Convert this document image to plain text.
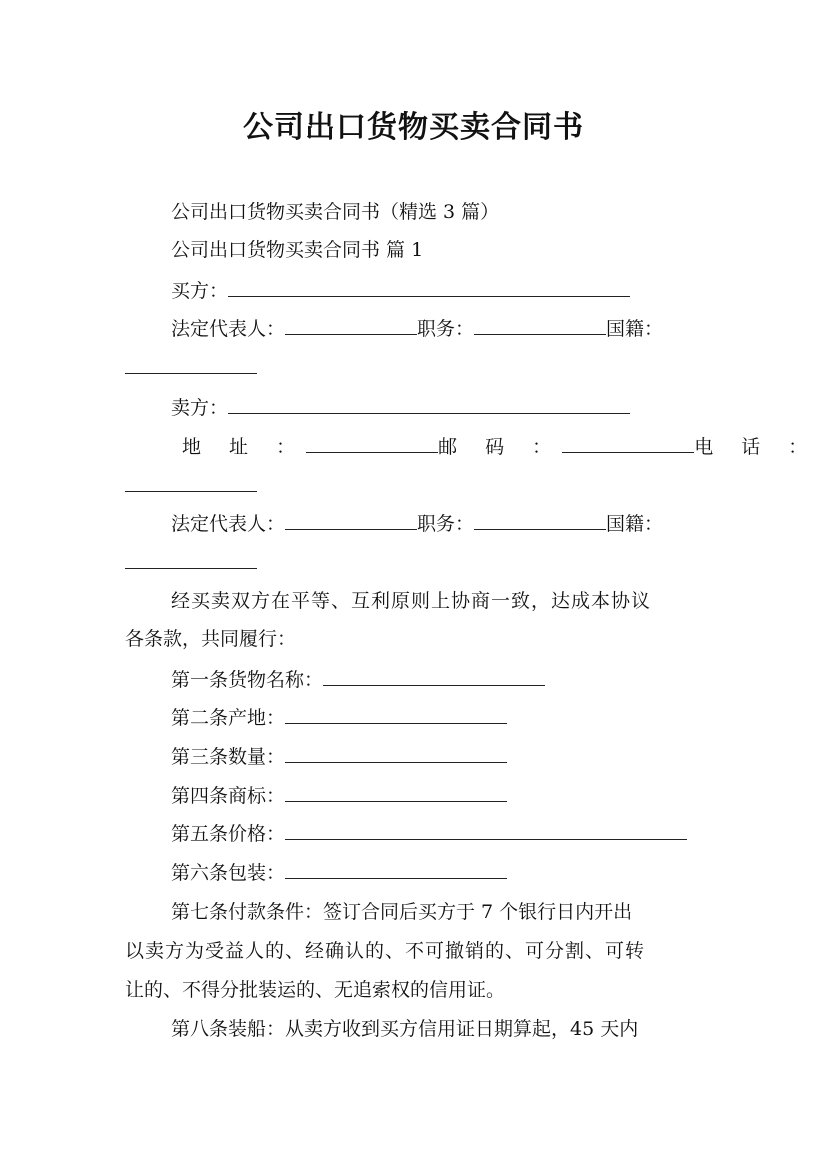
公司出口货物买卖合同书
公司出口货物买卖合同书（精选 3 篇）
公司出口货物买卖合同书 篇 1
买方：
法定代表人：	职务：	国籍：
卖方：
地 址 ：	邮 码 ：	电 话 ：
法定代表人：	职务：	国籍：
经买卖双方在平等、互利原则上协商一致，达成本协议
各条款，共同履行：
第一条货物名称：
第二条产地：
第三条数量：
第四条商标：
第五条价格：
第六条包装：
第七条付款条件：签订合同后买方于 7 个银行日内开出
以卖方为受益人的、经确认的、不可撤销的、可分割、可转
让的、不得分批装运的、无追索权的信用证。
第八条装船：从卖方收到买方信用证日期算起，45 天内
